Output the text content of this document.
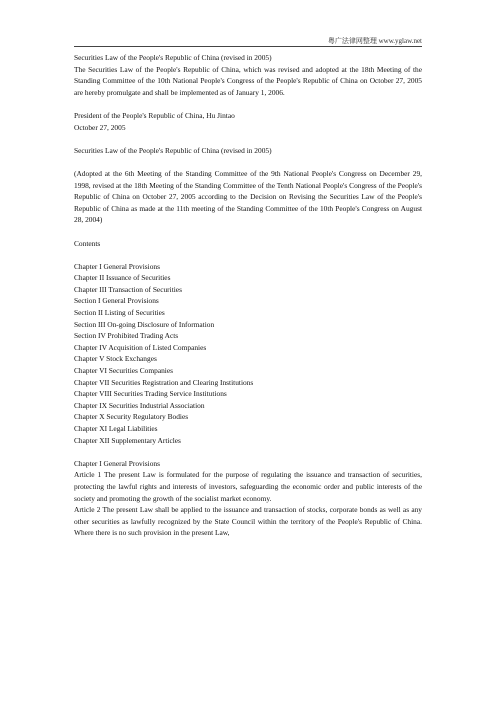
粤广法律网整理 www.yglaw.net

Securities Law of the People's Republic of China (revised in 2005)

The Securities Law of the People's Republic of China, which was revised and adopted at the 18th Meeting of the Standing Committee of the 10th National People's Congress of the People's Republic of China on October 27, 2005 are hereby promulgate and shall be implemented as of January 1, 2006.

President of the People's Republic of China, Hu Jintao

October 27, 2005

Securities Law of the People's Republic of China (revised in 2005)

(Adopted at the 6th Meeting of the Standing Committee of the 9th National People's Congress on December 29, 1998, revised at the 18th Meeting of the Standing Committee of the Tenth National People's Congress of the People's Republic of China on October 27, 2005 according to the Decision on Revising the Securities Law of the People's Republic of China as made at the 11th meeting of the Standing Committee of the 10th People's Congress on August 28, 2004)

Contents

Chapter I General Provisions

Chapter II Issuance of Securities

Chapter III Transaction of Securities

Section I General Provisions

Section II Listing of Securities

Section III On-going Disclosure of Information

Section IV Prohibited Trading Acts

Chapter IV Acquisition of Listed Companies

Chapter V Stock Exchanges

Chapter VI Securities Companies

Chapter VII Securities Registration and Clearing Institutions

Chapter VIII Securities Trading Service Institutions

Chapter IX Securities Industrial Association

Chapter X Security Regulatory Bodies

Chapter XI Legal Liabilities

Chapter XII Supplementary Articles

Chapter I General Provisions

Article 1 The present Law is formulated for the purpose of regulating the issuance and transaction of securities, protecting the lawful rights and interests of investors, safeguarding the economic order and public interests of the society and promoting the growth of the socialist market economy.

Article 2 The present Law shall be applied to the issuance and transaction of stocks, corporate bonds as well as any other securities as lawfully recognized by the State Council within the territory of the People's Republic of China. Where there is no such provision in the present Law,
